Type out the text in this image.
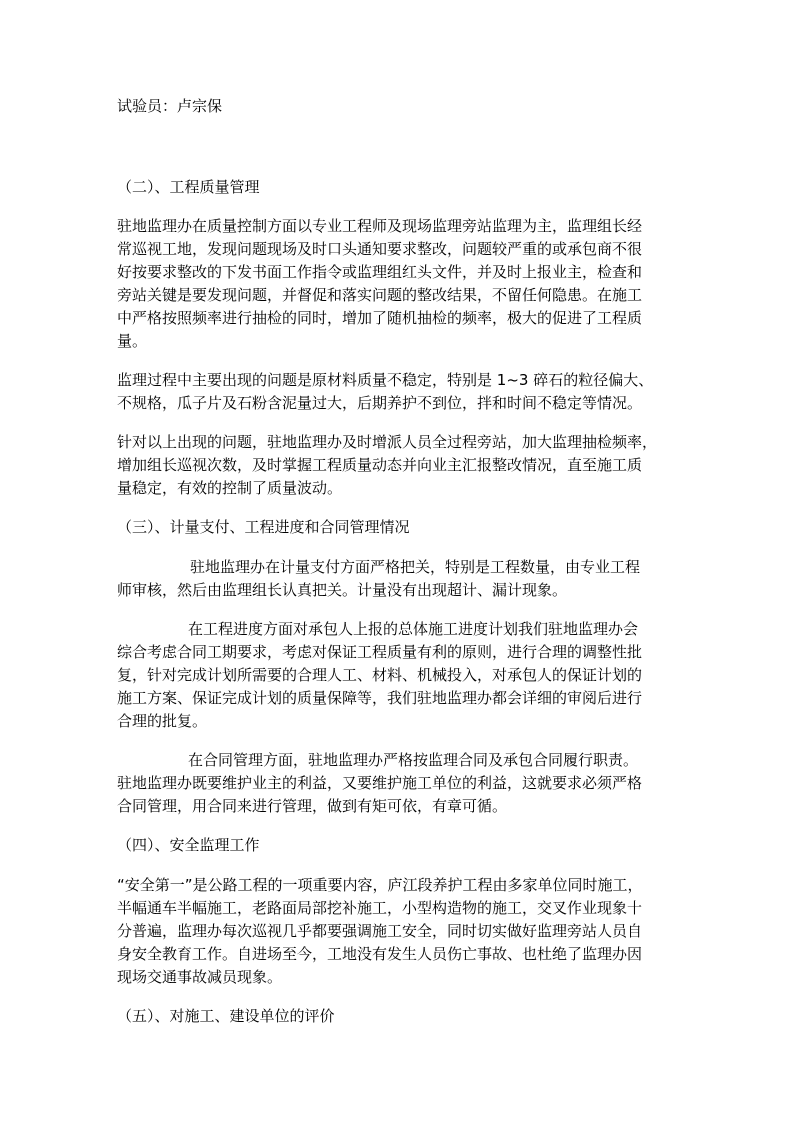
试验员：卢宗保

（二）、工程质量管理

驻地监理办在质量控制方面以专业工程师及现场监理旁站监理为主，监理组长经

常巡视工地，发现问题现场及时口头通知要求整改，问题较严重的或承包商不很

好按要求整改的下发书面工作指令或监理组红头文件，并及时上报业主，检查和

旁站关键是要发现问题，并督促和落实问题的整改结果，不留任何隐患。在施工

中严格按照频率进行抽检的同时，增加了随机抽检的频率，极大的促进了工程质

量。

监理过程中主要出现的问题是原材料质量不稳定，特别是 1~3 碎石的粒径偏大、

不规格，瓜子片及石粉含泥量过大，后期养护不到位，拌和时间不稳定等情况。

针对以上出现的问题，驻地监理办及时增派人员全过程旁站，加大监理抽检频率，

增加组长巡视次数，及时掌握工程质量动态并向业主汇报整改情况，直至施工质

量稳定，有效的控制了质量波动。

（三）、计量支付、工程进度和合同管理情况

驻地监理办在计量支付方面严格把关，特别是工程数量，由专业工程

师审核，然后由监理组长认真把关。计量没有出现超计、漏计现象。

在工程进度方面对承包人上报的总体施工进度计划我们驻地监理办会

综合考虑合同工期要求，考虑对保证工程质量有利的原则，进行合理的调整性批

复，针对完成计划所需要的合理人工、材料、机械投入，对承包人的保证计划的

施工方案、保证完成计划的质量保障等，我们驻地监理办都会详细的审阅后进行

合理的批复。

在合同管理方面，驻地监理办严格按监理合同及承包合同履行职责。

驻地监理办既要维护业主的利益，又要维护施工单位的利益，这就要求必须严格

合同管理，用合同来进行管理，做到有矩可依，有章可循。

（四）、安全监理工作

“安全第一”是公路工程的一项重要内容，庐江段养护工程由多家单位同时施工，

半幅通车半幅施工，老路面局部挖补施工，小型构造物的施工，交叉作业现象十

分普遍，监理办每次巡视几乎都要强调施工安全，同时切实做好监理旁站人员自

身安全教育工作。自进场至今，工地没有发生人员伤亡事故、也杜绝了监理办因

现场交通事故减员现象。

（五）、对施工、建设单位的评价
